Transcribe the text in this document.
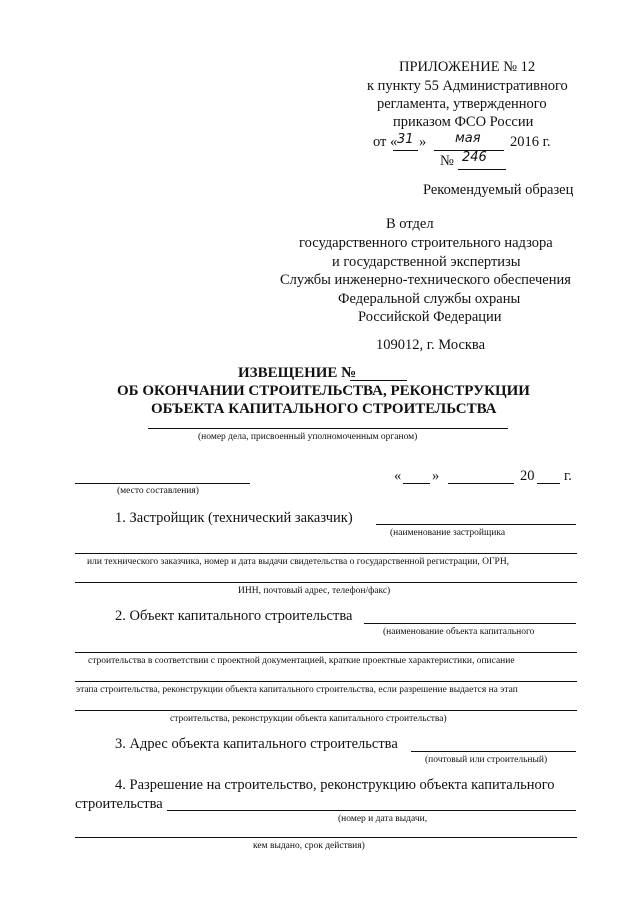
ПРИЛОЖЕНИЕ № 12
к пункту 55 Административного
регламента, утвержденного
приказом ФСО России
от « 31 » мая 2016 г.
№ 246
Рекомендуемый образец
В отдел
государственного строительного надзора
и государственной экспертизы
Службы инженерно-технического обеспечения
Федеральной службы охраны
Российской Федерации
109012, г. Москва
ИЗВЕЩЕНИЕ №
ОБ ОКОНЧАНИИ СТРОИТЕЛЬСТВА, РЕКОНСТРУКЦИИ
ОБЪЕКТА КАПИТАЛЬНОГО СТРОИТЕЛЬСТВА
(номер дела, присвоенный уполномоченным органом)
(место составления)
« »	20 г.
1. Застройщик (технический заказчик)
(наименование застройщика
или технического заказчика, номер и дата выдачи свидетельства о государственной регистрации, ОГРН,
ИНН, почтовый адрес, телефон/факс)
2. Объект капитального строительства
(наименование объекта капитального
строительства в соответствии с проектной документацией, краткие проектные характеристики, описание
этапа строительства, реконструкции объекта капитального строительства, если разрешение выдается на этап
строительства, реконструкции объекта капитального строительства)
3. Адрес объекта капитального строительства
(почтовый или строительный)
4. Разрешение на строительство, реконструкцию объекта капитального
строительства
(номер и дата выдачи,
кем выдано, срок действия)
